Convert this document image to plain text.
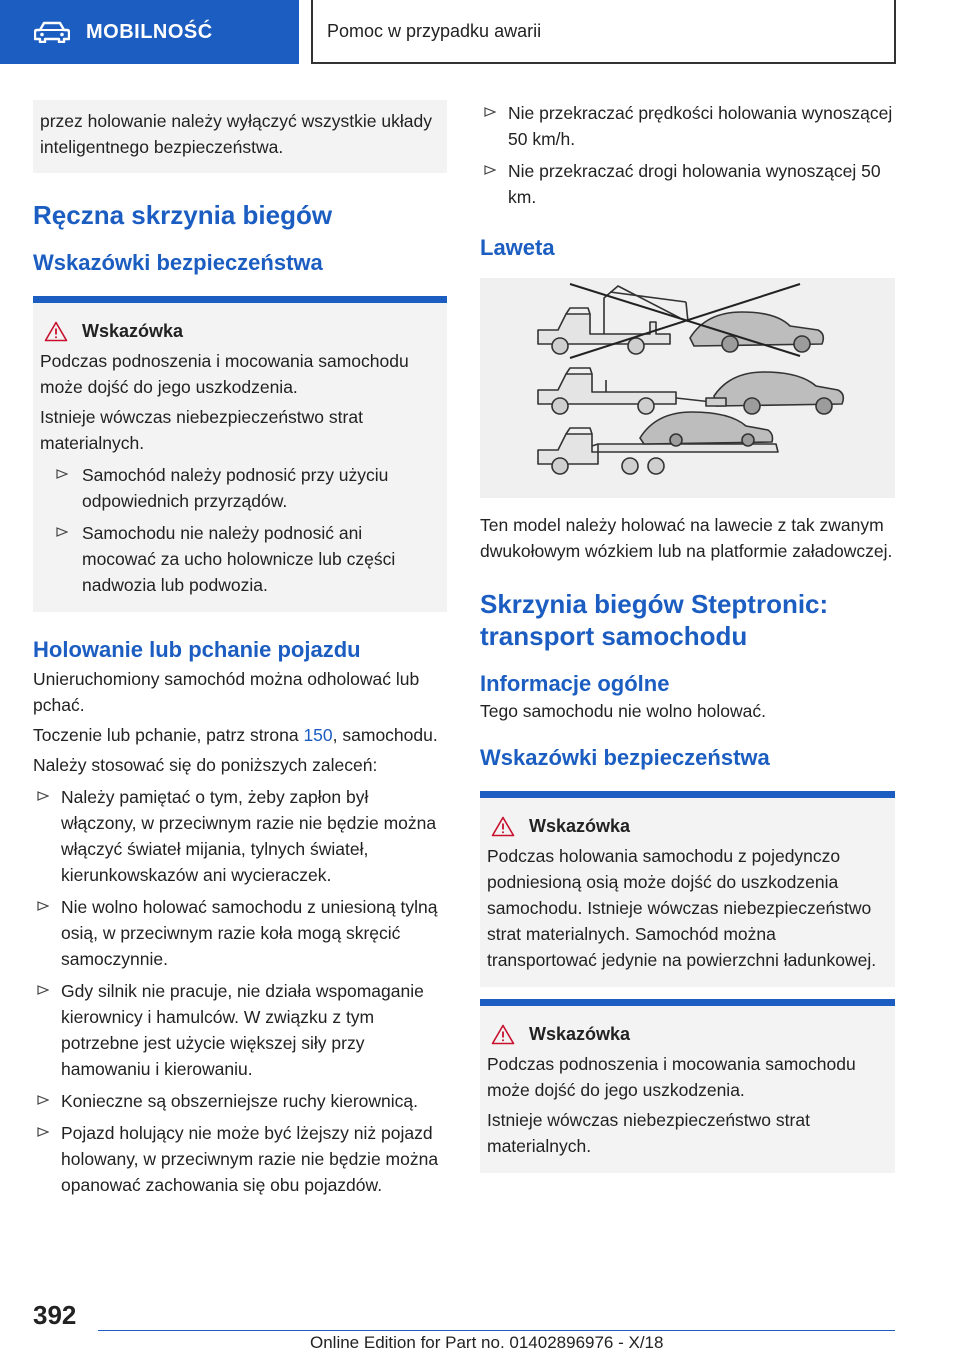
MOBILNOŚĆ	Pomoc w przypadku awarii

przez holowanie należy wyłączyć wszystkie układy inteligentnego bezpieczeństwa.

Ręczna skrzynia biegów
Wskazówki bezpieczeństwa
Wskazówka

Podczas podnoszenia i mocowania samochodu może dojść do jego uszkodzenia.

Istnieje wówczas niebezpieczeństwo strat materialnych.

Samochód należy podnosić przy użyciu odpowiednich przyrządów.
Samochodu nie należy podnosić ani mocować za ucho holownicze lub części nadwozia lub podwozia.
Holowanie lub pchanie pojazdu

Unieruchomiony samochód można odholować lub pchać.

Toczenie lub pchanie, patrz strona 150, samochodu.

Należy stosować się do poniższych zaleceń:

Należy pamiętać o tym, żeby zapłon był włączony, w przeciwnym razie nie będzie można włączyć świateł mijania, tylnych świateł, kierunkowskazów ani wycieraczek.
Nie wolno holować samochodu z uniesioną tylną osią, w przeciwnym razie koła mogą skręcić samoczynnie.
Gdy silnik nie pracuje, nie działa wspomaganie kierownicy i hamulców. W związku z tym potrzebne jest użycie większej siły przy hamowaniu i kierowaniu.
Konieczne są obszerniejsze ruchy kierownicą.
Pojazd holujący nie może być lżejszy niż pojazd holowany, w przeciwnym razie nie będzie można opanować zachowania się obu pojazdów.
Nie przekraczać prędkości holowania wynoszącej 50 km/h.
Nie przekraczać drogi holowania wynoszącej 50 km.
Laweta

Ten model należy holować na lawecie z tak zwanym dwukołowym wózkiem lub na platformie załadowczej.

Skrzynia biegów Steptronic: transport samochodu
Informacje ogólne

Tego samochodu nie wolno holować.

Wskazówki bezpieczeństwa
Wskazówka

Podczas holowania samochodu z pojedynczo podniesioną osią może dojść do uszkodzenia samochodu. Istnieje wówczas niebezpieczeństwo strat materialnych. Samochód można transportować jedynie na powierzchni ładunkowej.

Wskazówka

Podczas podnoszenia i mocowania samochodu może dojść do jego uszkodzenia.

Istnieje wówczas niebezpieczeństwo strat materialnych.

392
Online Edition for Part no. 01402896976 - X/18
